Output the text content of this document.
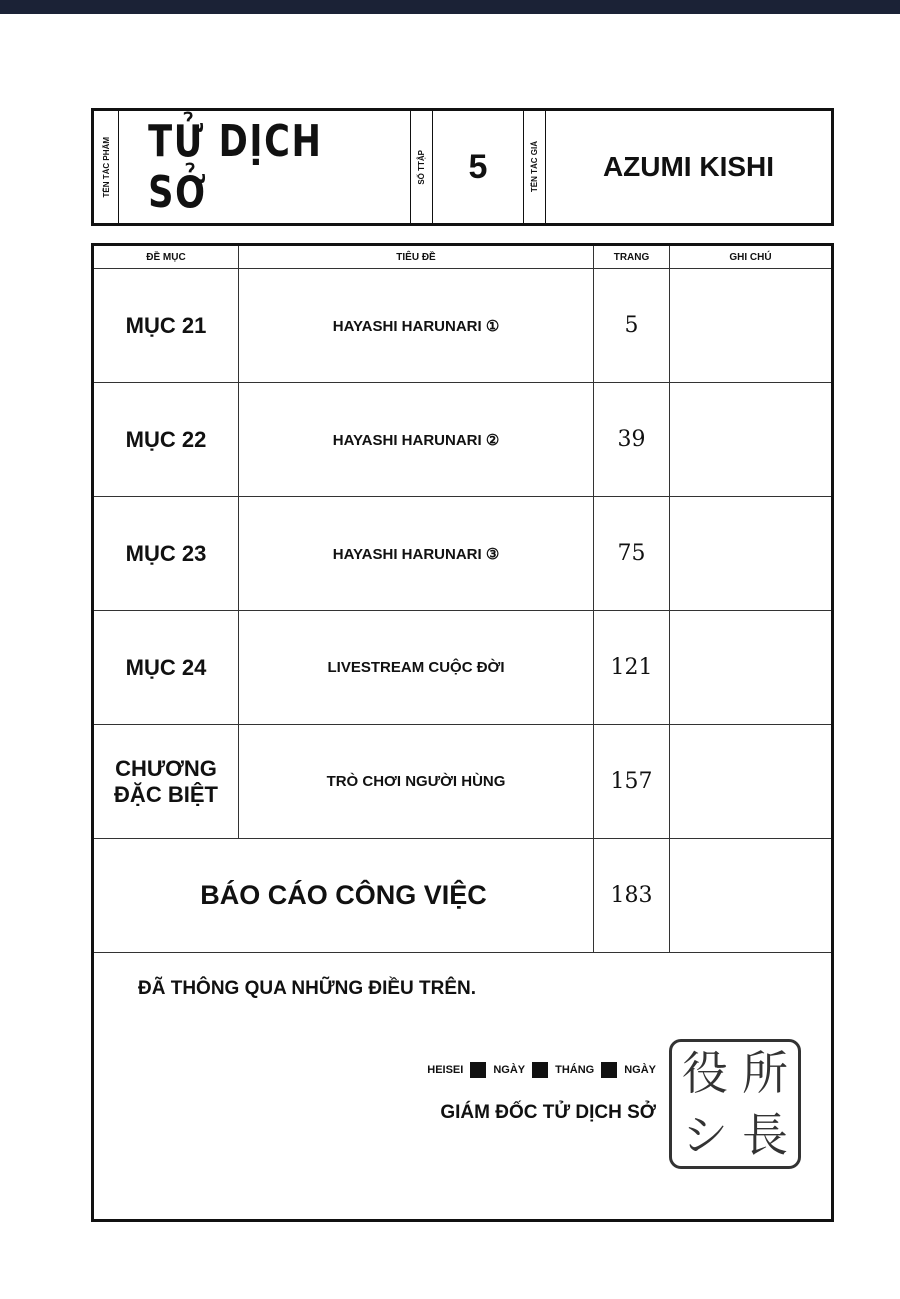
TÊN TÁC PHẨM TỬ DỊCH SỞ
SỐ TTẬP 5	TÊN TÁC GIẢ AZUMI KISHI
ĐỀ MỤC	TIÊU ĐỀ	TRANG	GHI CHÚ
MỤC 21	HAYASHI HARUNARI ①	5
MỤC 22	HAYASHI HARUNARI ②	39
MỤC 23	HAYASHI HARUNARI ③	75
MỤC 24	LIVESTREAM CUỘC ĐỜI	121
CHƯƠNG ĐẶC BIỆT	TRÒ CHƠI NGƯỜI HÙNG	157
BÁO CÁO CÔNG VIỆC	183
ĐÃ THÔNG QUA NHỮNG ĐIỀU TRÊN.
HEISEI	NGÀY	THÁNG	NGÀY
GIÁM ĐỐC TỬ DỊCH SỞ
所
役
長
シ
